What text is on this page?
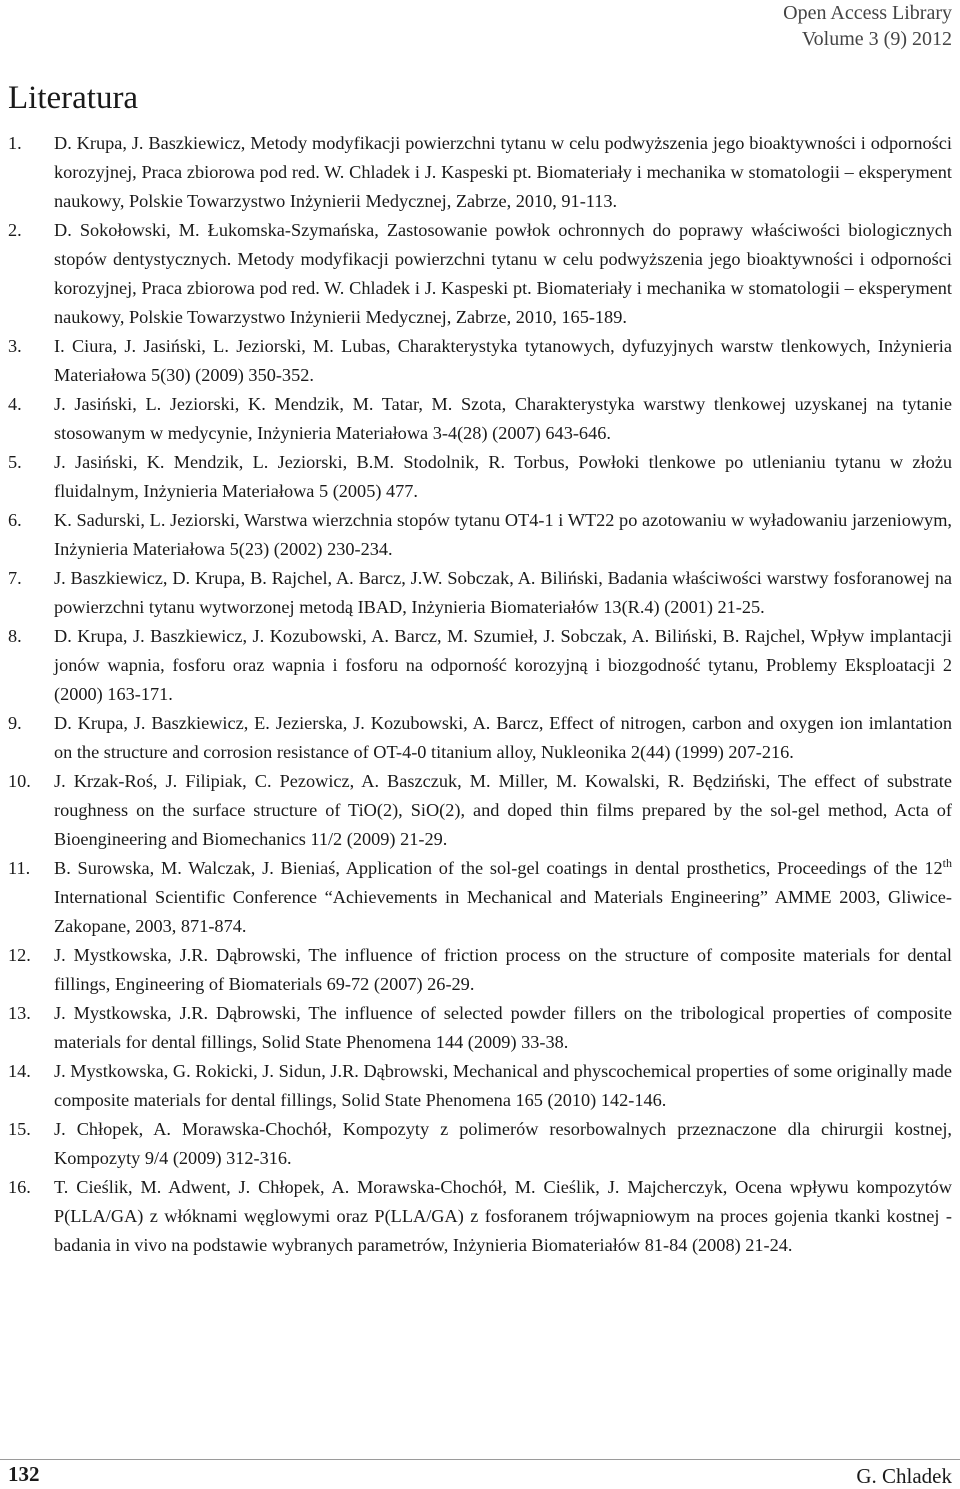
Open Access Library
Volume 3 (9) 2012
Literatura
1. D. Krupa, J. Baszkiewicz, Metody modyfikacji powierzchni tytanu w celu podwyższenia jego bioaktywności i odporności korozyjnej, Praca zbiorowa pod red. W. Chladek i J. Kaspeski pt. Biomateriały i mechanika w stomatologii – eksperyment naukowy, Polskie Towarzystwo Inżynierii Medycznej, Zabrze, 2010, 91-113.
2. D. Sokołowski, M. Łukomska-Szymańska, Zastosowanie powłok ochronnych do poprawy właściwości biologicznych stopów dentystycznych. Metody modyfikacji powierzchni tytanu w celu podwyższenia jego bioaktywności i odporności korozyjnej, Praca zbiorowa pod red. W. Chladek i J. Kaspeski pt. Biomateriały i mechanika w stomatologii – eksperyment naukowy, Polskie Towarzystwo Inżynierii Medycznej, Zabrze, 2010, 165-189.
3. I. Ciura, J. Jasiński, L. Jeziorski, M. Lubas, Charakterystyka tytanowych, dyfuzyjnych warstw tlenkowych, Inżynieria Materiałowa 5(30) (2009) 350-352.
4. J. Jasiński, L. Jeziorski, K. Mendzik, M. Tatar, M. Szota, Charakterystyka warstwy tlenkowej uzyskanej na tytanie stosowanym w medycynie, Inżynieria Materiałowa 3-4(28) (2007) 643-646.
5. J. Jasiński, K. Mendzik, L. Jeziorski, B.M. Stodolnik, R. Torbus, Powłoki tlenkowe po utlenianiu tytanu w złożu fluidalnym, Inżynieria Materiałowa 5 (2005) 477.
6. K. Sadurski, L. Jeziorski, Warstwa wierzchnia stopów tytanu OT4-1 i WT22 po azotowaniu w wyładowaniu jarzeniowym, Inżynieria Materiałowa 5(23) (2002) 230-234.
7. J. Baszkiewicz, D. Krupa, B. Rajchel, A. Barcz, J.W. Sobczak, A. Biliński, Badania właściwości warstwy fosforanowej na powierzchni tytanu wytworzonej metodą IBAD, Inżynieria Biomateriałów 13(R.4) (2001) 21-25.
8. D. Krupa, J. Baszkiewicz, J. Kozubowski, A. Barcz, M. Szumieł, J. Sobczak, A. Biliński, B. Rajchel, Wpływ implantacji jonów wapnia, fosforu oraz wapnia i fosforu na odporność korozyjną i biozgodność tytanu, Problemy Eksploatacji 2 (2000) 163-171.
9. D. Krupa, J. Baszkiewicz, E. Jezierska, J. Kozubowski, A. Barcz, Effect of nitrogen, carbon and oxygen ion imlantation on the structure and corrosion resistance of OT-4-0 titanium alloy, Nukleonika 2(44) (1999) 207-216.
10. J. Krzak-Roś, J. Filipiak, C. Pezowicz, A. Baszczuk, M. Miller, M. Kowalski, R. Będziński, The effect of substrate roughness on the surface structure of TiO(2), SiO(2), and doped thin films prepared by the sol-gel method, Acta of Bioengineering and Biomechanics 11/2 (2009) 21-29.
11. B. Surowska, M. Walczak, J. Bieniaś, Application of the sol-gel coatings in dental prosthetics, Proceedings of the 12th International Scientific Conference “Achievements in Mechanical and Materials Engineering” AMME 2003, Gliwice-Zakopane, 2003, 871-874.
12. J. Mystkowska, J.R. Dąbrowski, The influence of friction process on the structure of composite materials for dental fillings, Engineering of Biomaterials 69-72 (2007) 26-29.
13. J. Mystkowska, J.R. Dąbrowski, The influence of selected powder fillers on the tribological properties of composite materials for dental fillings, Solid State Phenomena 144 (2009) 33-38.
14. J. Mystkowska, G. Rokicki, J. Sidun, J.R. Dąbrowski, Mechanical and physcochemical properties of some originally made composite materials for dental fillings, Solid State Phenomena 165 (2010) 142-146.
15. J. Chłopek, A. Morawska-Chochół, Kompozyty z polimerów resorbowalnych przeznaczone dla chirurgii kostnej, Kompozyty 9/4 (2009) 312-316.
16. T. Cieślik, M. Adwent, J. Chłopek, A. Morawska-Chochół, M. Cieślik, J. Majcherczyk, Ocena wpływu kompozytów P(LLA/GA) z włóknami węglowymi oraz P(LLA/GA) z fosforanem trójwapniowym na proces gojenia tkanki kostnej - badania in vivo na podstawie wybranych parametrów, Inżynieria Biomateriałów 81-84 (2008) 21-24.
132	G. Chladek
